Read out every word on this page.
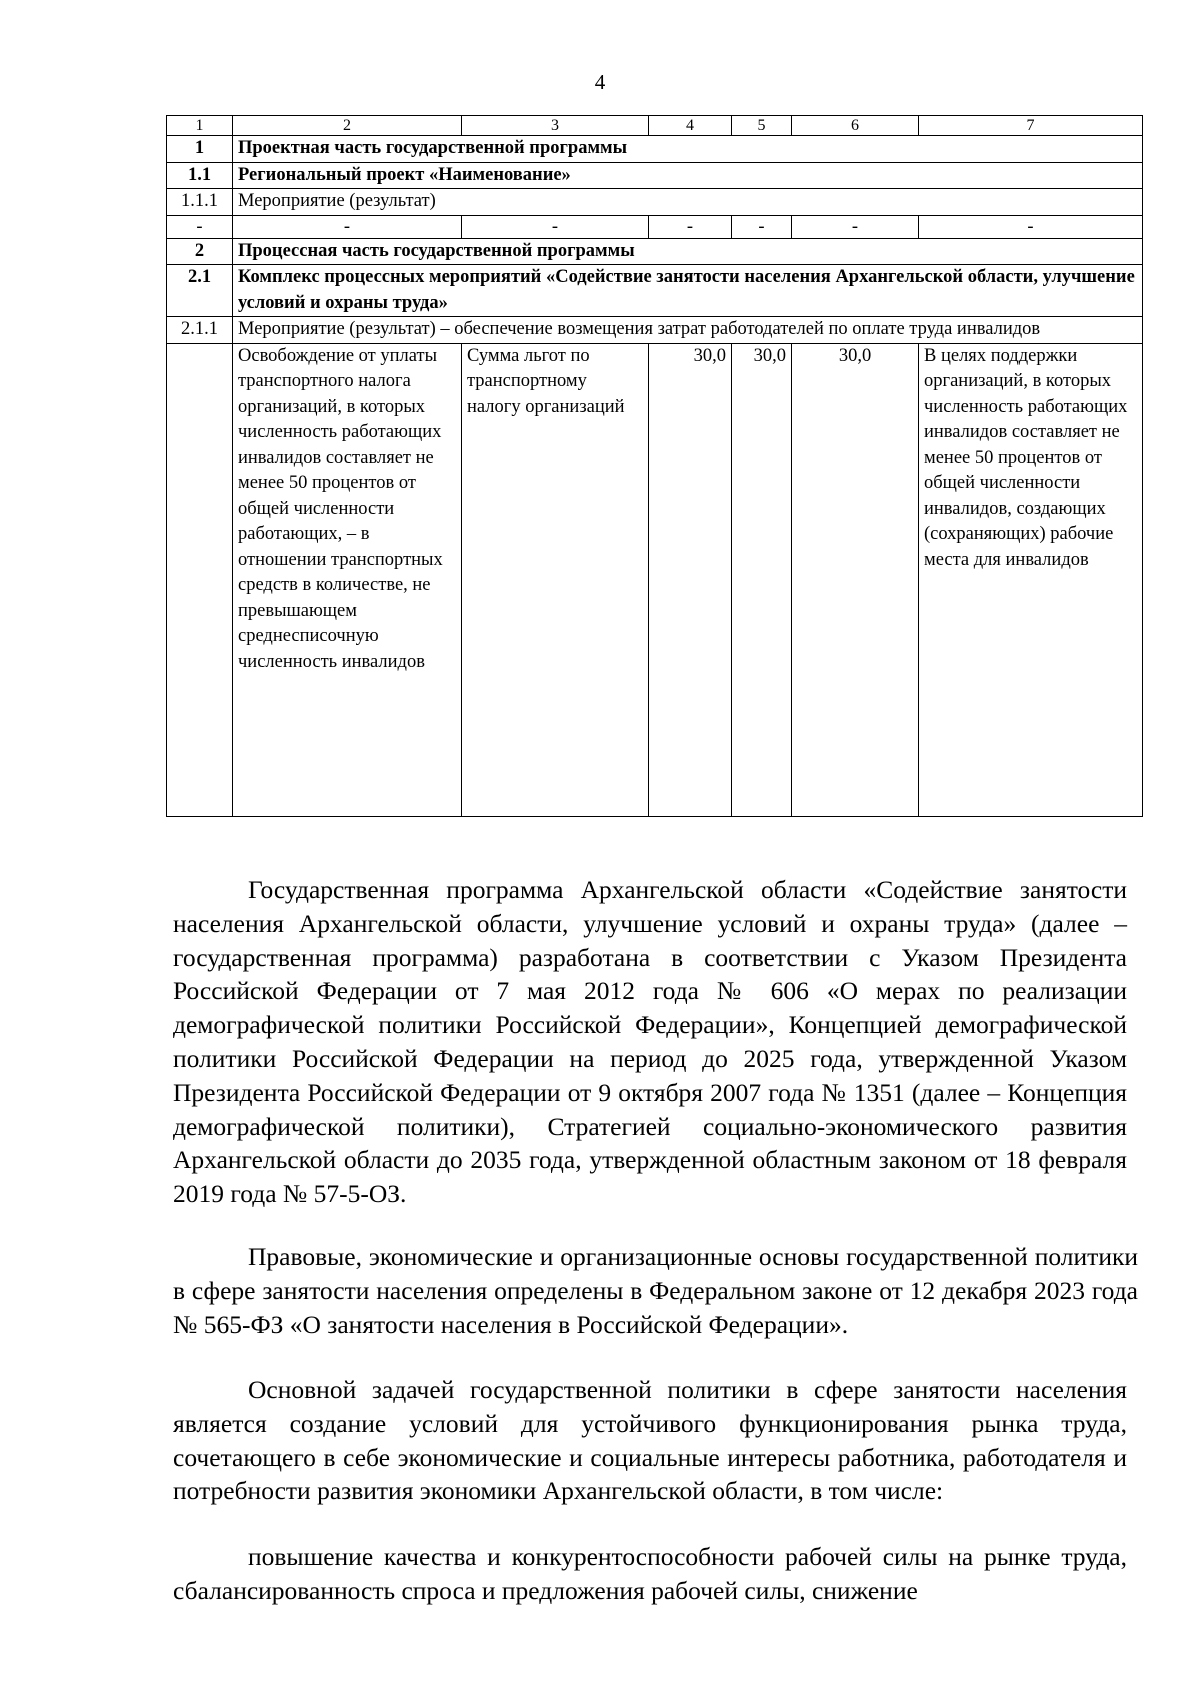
4
1	2	3	4	5	6	7
1	Проектная часть государственной программы					
1.1	Региональный проект «Наименование»					
1.1.1	Мероприятие (результат)					
-	-	-	-	-	-	-
2	Процессная часть государственной программы					
2.1	Комплекс процессных мероприятий «Содействие занятости населения Архангельской области, улучшение условий и охраны труда»					
2.1.1	Мероприятие (результат) – обеспечение возмещения затрат работодателей по оплате труда инвалидов					
	Освобождение от уплаты транспортного налога организаций, в которых численность работающих инвалидов составляет не менее 50 процентов от общей численности работающих, – в отношении транспортных средств в количестве, не превышающем среднесписочную численность инвалидов	Сумма льгот по транспортному налогу организаций	30,0	30,0	30,0	В целях поддержки организаций, в которых численность работающих инвалидов составляет не менее 50 процентов от общей численности инвалидов, создающих (сохраняющих) рабочие места для инвалидов

Государственная программа Архангельской области «Содействие занятости населения Архангельской области, улучшение условий и охраны труда» (далее – государственная программа) разработана в соответствии с Указом Президента Российской Федерации от 7 мая 2012 года № 606 «О мерах по реализации демографической политики Российской Федерации», Концепцией демографической политики Российской Федерации на период до 2025 года, утвержденной Указом Президента Российской Федерации от 9 октября 2007 года № 1351 (далее – Концепция демографической политики), Стратегией социально-экономического развития Архангельской области до 2035 года, утвержденной областным законом от 18 февраля 2019 года № 57-5-ОЗ.

Правовые, экономические и организационные основы государственной политики в сфере занятости населения определены в Федеральном законе от 12 декабря 2023 года № 565-ФЗ «О занятости населения в Российской Федерации».

Основной задачей государственной политики в сфере занятости населения является создание условий для устойчивого функционирования рынка труда, сочетающего в себе экономические и социальные интересы работника, работодателя и потребности развития экономики Архангельской области, в том числе:

повышение качества и конкурентоспособности рабочей силы на рынке труда, сбалансированность спроса и предложения рабочей силы, снижение
